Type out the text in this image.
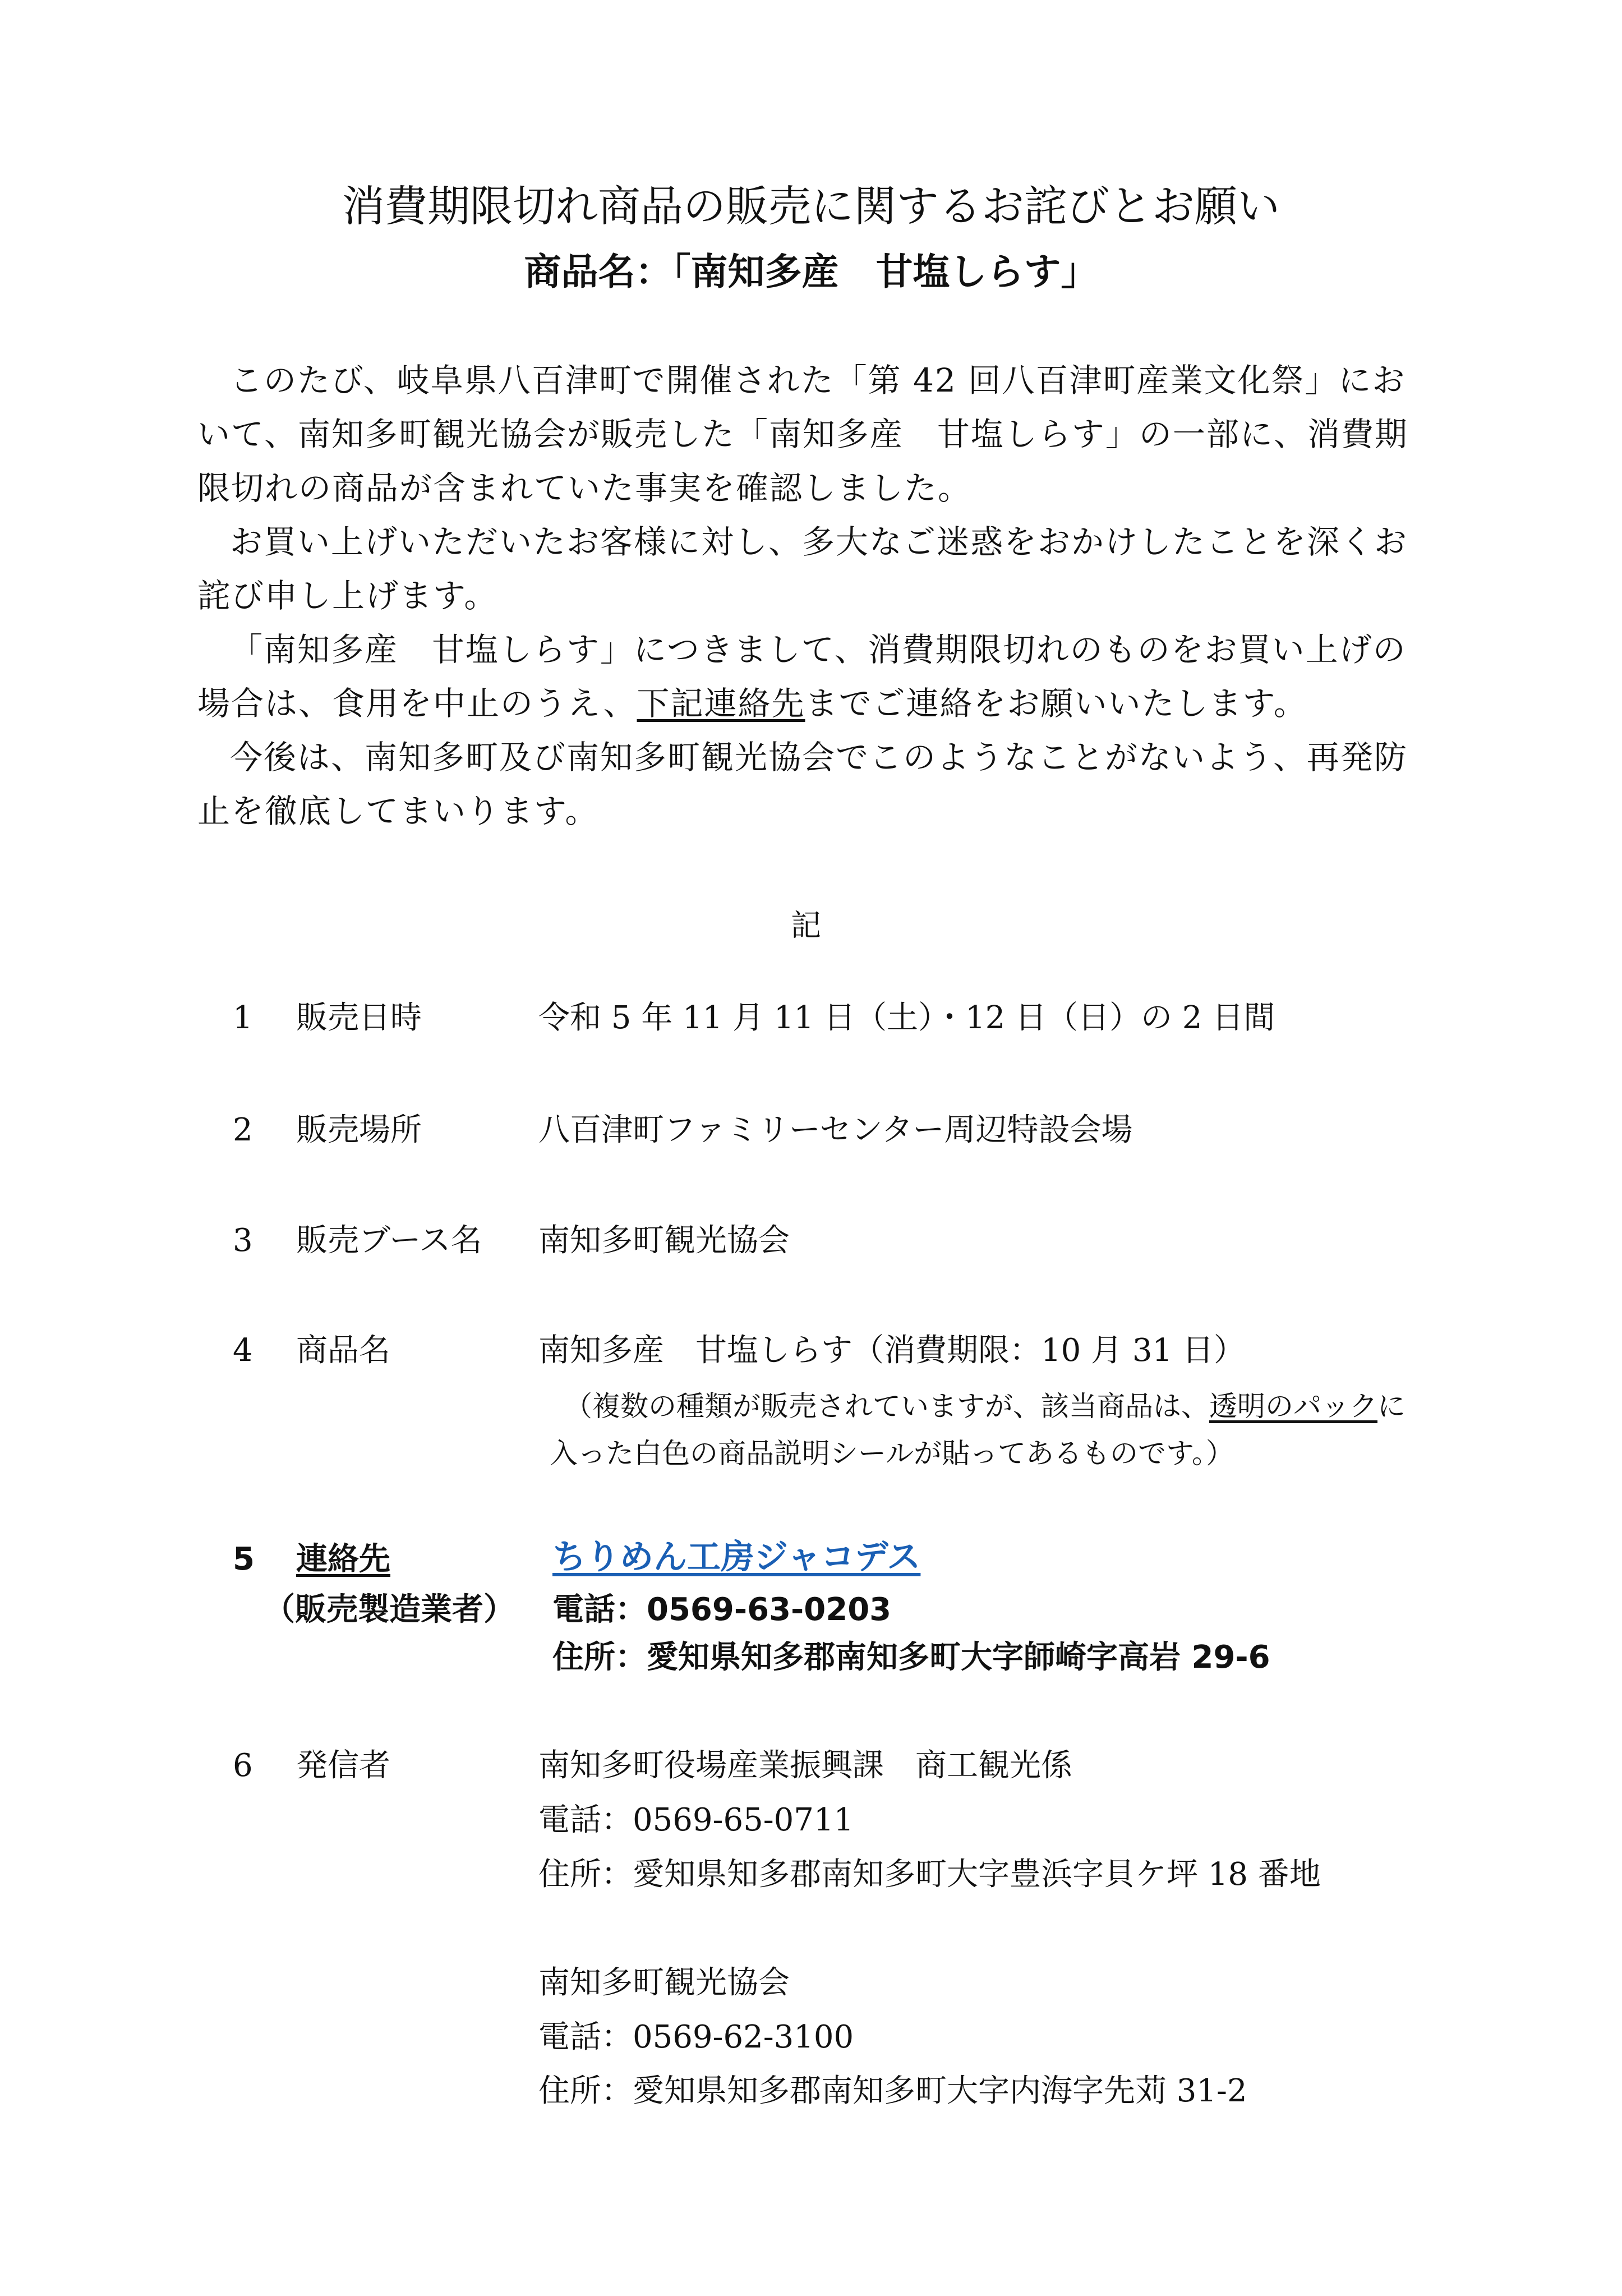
消費期限切れ商品の販売に関するお詫びとお願い
商品名：「南知多産　甘塩しらす」
このたび、岐阜県八百津町で開催された「第 42 回八百津町産業文化祭」において、南知多町観光協会が販売した「南知多産　甘塩しらす」の一部に、消費期限切れの商品が含まれていた事実を確認しました。
お買い上げいただいたお客様に対し、多大なご迷惑をおかけしたことを深くお詫び申し上げます。
「南知多産　甘塩しらす」につきまして、消費期限切れのものをお買い上げの場合は、食用を中止のうえ、下記連絡先までご連絡をお願いいたします。
今後は、南知多町及び南知多町観光協会でこのようなことがないよう、再発防止を徹底してまいります。
記
1 販売日時	令和 5 年 11 月 11 日（土）・12 日（日）の 2 日間
2 販売場所	八百津町ファミリーセンター周辺特設会場
3 販売ブース名 南知多町観光協会
4 商品名	南知多産　甘塩しらす（消費期限：10 月 31 日）
（複数の種類が販売されていますが、該当商品は、透明のパックに入った白色の商品説明シールが貼ってあるものです。）
5 連絡先	ちりめん工房ジャコデス
（販売製造業者） 電話：0569-63-0203
住所：愛知県知多郡南知多町大字師崎字高岩 29-6
6 発信者	南知多町役場産業振興課　商工観光係
電話：0569-65-0711
住所：愛知県知多郡南知多町大字豊浜字貝ケ坪 18 番地
南知多町観光協会
電話：0569-62-3100
住所：愛知県知多郡南知多町大字内海字先苅 31-2
